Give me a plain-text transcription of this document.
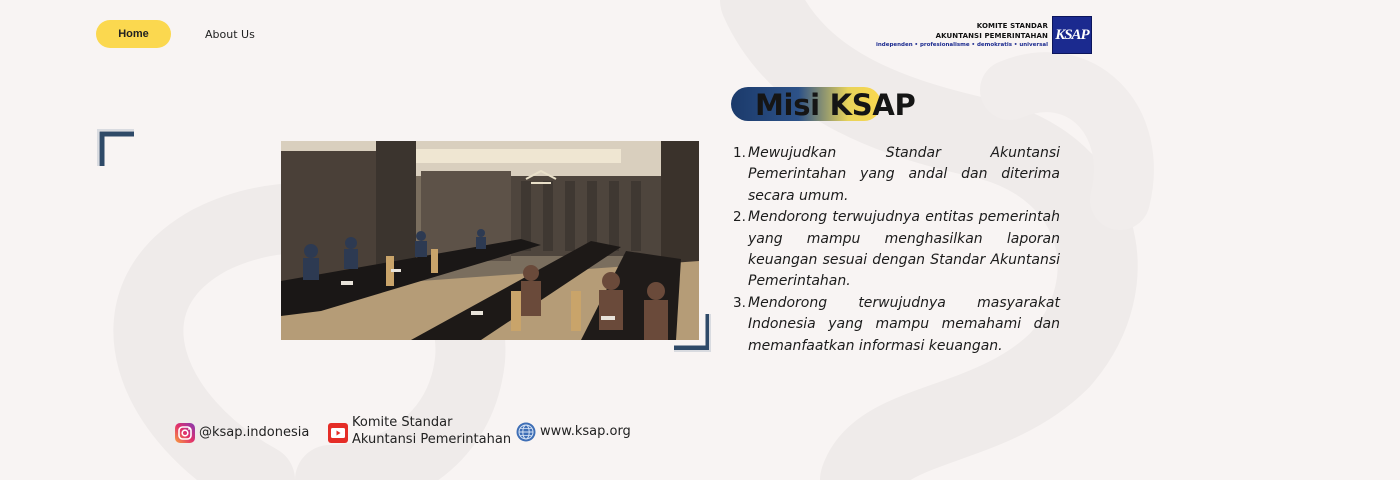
Home	About Us
KOMITE STANDAR
AKUNTANSI PEMERINTAHAN
independen • profesionalisme • demokratis • universal
KSAP
Misi KSAP
1. Mewujudkan Standar Akuntansi Pemerintahan yang andal dan diterima secara umum.
2. Mendorong terwujudnya entitas pemerintah yang mampu menghasilkan laporan keuangan sesuai dengan Standar Akuntansi Pemerintahan.
3. Mendorong terwujudnya masyarakat Indonesia yang mampu memahami dan memanfaatkan informasi keuangan.
@ksap.indonesia
Komite Standar
Akuntansi Pemerintahan
www.ksap.org
